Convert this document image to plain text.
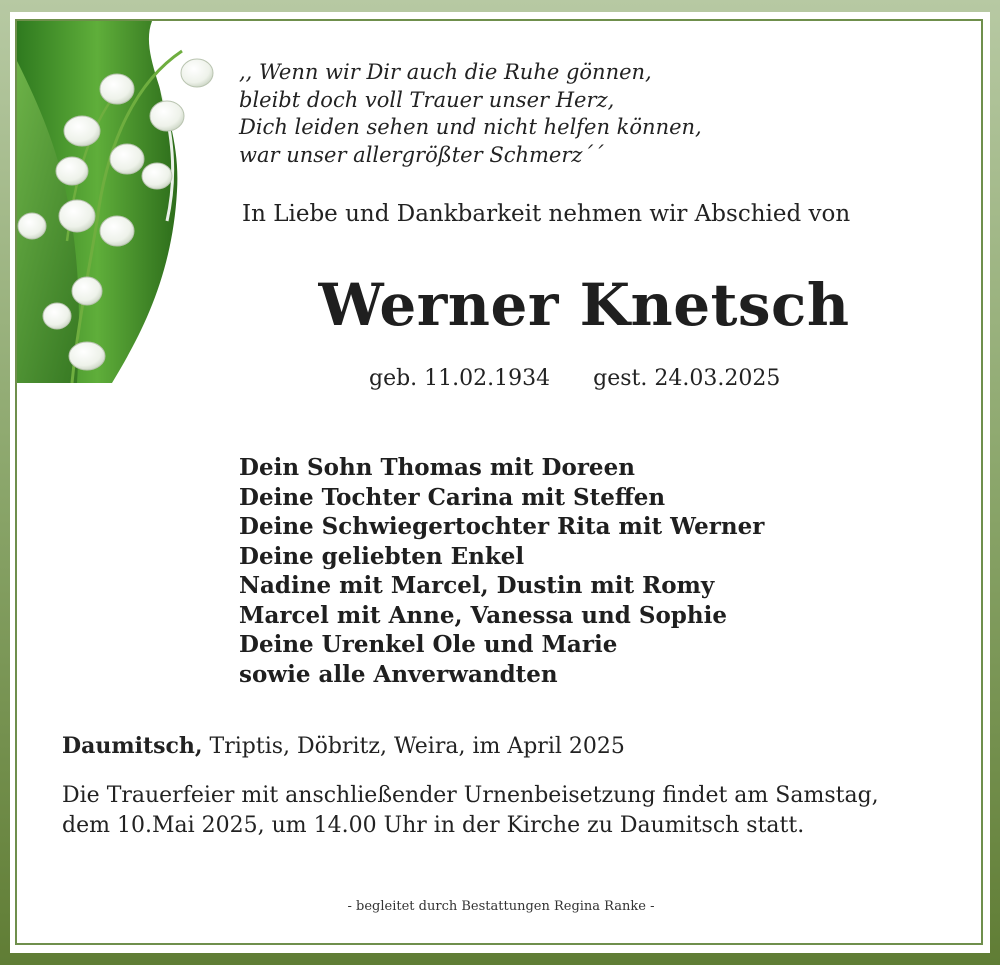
,, Wenn wir Dir auch die Ruhe gönnen,
bleibt doch voll Trauer unser Herz,
Dich leiden sehen und nicht helfen können,
war unser allergrößter Schmerz´´
In Liebe und Dankbarkeit nehmen wir Abschied von
Werner Knetsch
geb. 11.02.1934 gest. 24.03.2025
Dein Sohn Thomas mit Doreen
Deine Tochter Carina mit Steffen
Deine Schwiegertochter Rita mit Werner
Deine geliebten Enkel
Nadine mit Marcel, Dustin mit Romy
Marcel mit Anne, Vanessa und Sophie
Deine Urenkel Ole und Marie
sowie alle Anverwandten
Daumitsch, Triptis, Döbritz, Weira, im April 2025
Die Trauerfeier mit anschließender Urnenbeisetzung findet am Samstag,
dem 10.Mai 2025, um 14.00 Uhr in der Kirche zu Daumitsch statt.
- begleitet durch Bestattungen Regina Ranke -
